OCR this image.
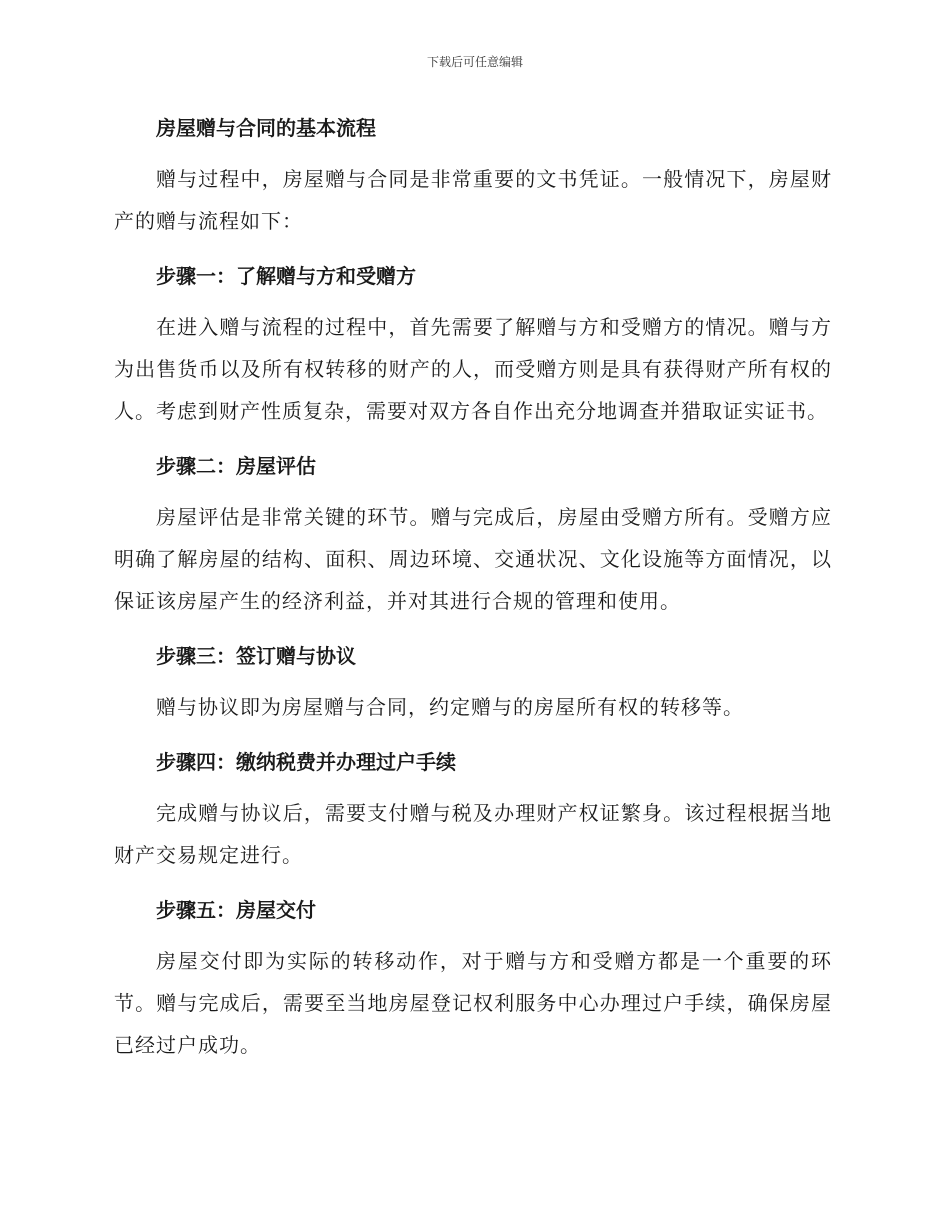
下载后可任意编辑
房屋赠与合同的基本流程

赠与过程中，房屋赠与合同是非常重要的文书凭证。一般情况下，房屋财产的赠与流程如下：

步骤一：了解赠与方和受赠方

在进入赠与流程的过程中，首先需要了解赠与方和受赠方的情况。赠与方为出售货币以及所有权转移的财产的人，而受赠方则是具有获得财产所有权的人。考虑到财产性质复杂，需要对双方各自作出充分地调查并猎取证实证书。

步骤二：房屋评估

房屋评估是非常关键的环节。赠与完成后，房屋由受赠方所有。受赠方应明确了解房屋的结构、面积、周边环境、交通状况、文化设施等方面情况，以保证该房屋产生的经济利益，并对其进行合规的管理和使用。

步骤三：签订赠与协议

赠与协议即为房屋赠与合同，约定赠与的房屋所有权的转移等。

步骤四：缴纳税费并办理过户手续

完成赠与协议后，需要支付赠与税及办理财产权证繁身。该过程根据当地财产交易规定进行。

步骤五：房屋交付

房屋交付即为实际的转移动作，对于赠与方和受赠方都是一个重要的环节。赠与完成后，需要至当地房屋登记权利服务中心办理过户手续，确保房屋已经过户成功。
